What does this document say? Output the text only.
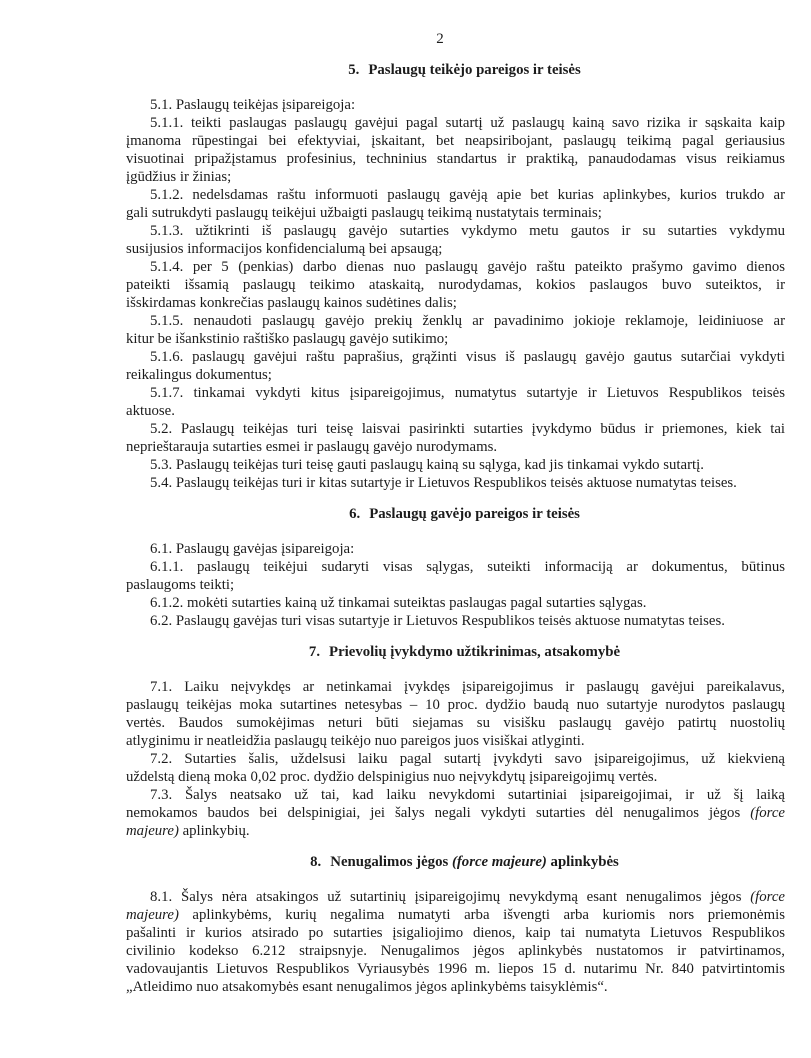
2
5. Paslaugų teikėjo pareigos ir teisės
5.1. Paslaugų teikėjas įsipareigoja:
5.1.1. teikti paslaugas paslaugų gavėjui pagal sutartį už paslaugų kainą savo rizika ir sąskaita kaip
įmanoma rūpestingai bei efektyviai, įskaitant, bet neapsiribojant, paslaugų teikimą pagal geriausius
visuotinai pripažįstamus profesinius, techninius standartus ir praktiką, panaudodamas visus reikiamus
įgūdžius ir žinias;
5.1.2. nedelsdamas raštu informuoti paslaugų gavėją apie bet kurias aplinkybes, kurios trukdo ar
gali sutrukdyti paslaugų teikėjui užbaigti paslaugų teikimą nustatytais terminais;
5.1.3. užtikrinti iš paslaugų gavėjo sutarties vykdymo metu gautos ir su sutarties vykdymu
susijusios informacijos konfidencialumą bei apsaugą;
5.1.4. per 5 (penkias) darbo dienas nuo paslaugų gavėjo raštu pateikto prašymo gavimo dienos
pateikti išsamią paslaugų teikimo ataskaitą, nurodydamas, kokios paslaugos buvo suteiktos, ir
išskirdamas konkrečias paslaugų kainos sudėtines dalis;
5.1.5. nenaudoti paslaugų gavėjo prekių ženklų ar pavadinimo jokioje reklamoje, leidiniuose ar
kitur be išankstinio raštiško paslaugų gavėjo sutikimo;
5.1.6. paslaugų gavėjui raštu paprašius, grąžinti visus iš paslaugų gavėjo gautus sutarčiai vykdyti
reikalingus dokumentus;
5.1.7. tinkamai vykdyti kitus įsipareigojimus, numatytus sutartyje ir Lietuvos Respublikos teisės
aktuose.
5.2. Paslaugų teikėjas turi teisę laisvai pasirinkti sutarties įvykdymo būdus ir priemones, kiek tai
neprieštarauja sutarties esmei ir paslaugų gavėjo nurodymams.
5.3. Paslaugų teikėjas turi teisę gauti paslaugų kainą su sąlyga, kad jis tinkamai vykdo sutartį.
5.4. Paslaugų teikėjas turi ir kitas sutartyje ir Lietuvos Respublikos teisės aktuose numatytas teises.
6. Paslaugų gavėjo pareigos ir teisės
6.1. Paslaugų gavėjas įsipareigoja:
6.1.1. paslaugų teikėjui sudaryti visas sąlygas, suteikti informaciją ar dokumentus, būtinus
paslaugoms teikti;
6.1.2. mokėti sutarties kainą už tinkamai suteiktas paslaugas pagal sutarties sąlygas.
6.2. Paslaugų gavėjas turi visas sutartyje ir Lietuvos Respublikos teisės aktuose numatytas teises.
7. Prievolių įvykdymo užtikrinimas, atsakomybė
7.1. Laiku neįvykdęs ar netinkamai įvykdęs įsipareigojimus ir paslaugų gavėjui pareikalavus,
paslaugų teikėjas moka sutartines netesybas – 10 proc. dydžio baudą nuo sutartyje nurodytos paslaugų
vertės. Baudos sumokėjimas neturi būti siejamas su visišku paslaugų gavėjo patirtų nuostolių
atlyginimu ir neatleidžia paslaugų teikėjo nuo pareigos juos visiškai atlyginti.
7.2. Sutarties šalis, uždelsusi laiku pagal sutartį įvykdyti savo įsipareigojimus, už kiekvieną
uždelstą dieną moka 0,02 proc. dydžio delspinigius nuo neįvykdytų įsipareigojimų vertės.
7.3. Šalys neatsako už tai, kad laiku nevykdomi sutartiniai įsipareigojimai, ir už šį laiką
nemokamos baudos bei delspinigiai, jei šalys negali vykdyti sutarties dėl nenugalimos jėgos (force
majeure) aplinkybių.
8. Nenugalimos jėgos (force majeure) aplinkybės
8.1. Šalys nėra atsakingos už sutartinių įsipareigojimų nevykdymą esant nenugalimos jėgos (force
majeure) aplinkybėms, kurių negalima numatyti arba išvengti arba kuriomis nors priemonėmis
pašalinti ir kurios atsirado po sutarties įsigaliojimo dienos, kaip tai numatyta Lietuvos Respublikos
civilinio kodekso 6.212 straipsnyje. Nenugalimos jėgos aplinkybės nustatomos ir patvirtinamos,
vadovaujantis Lietuvos Respublikos Vyriausybės 1996 m. liepos 15 d. nutarimu Nr. 840 patvirtintomis
„Atleidimo nuo atsakomybės esant nenugalimos jėgos aplinkybėms taisyklėmis“.
